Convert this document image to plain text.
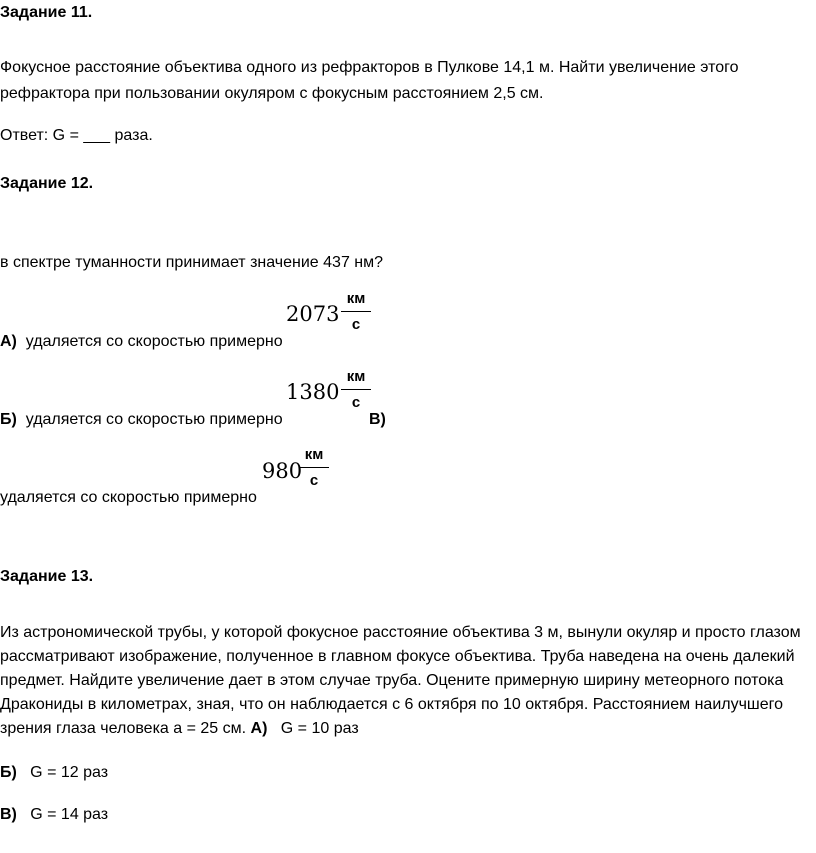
Задание 11.
Фокусное расстояние объектива одного из рефракторов в Пулкове 14,1 м. Найти увеличение этого
рефрактора при пользовании окуляром с фокусным расстоянием 2,5 см.
Ответ: G = ___ раза.
Задание 12.
в спектре туманности принимает значение 437 нм?
2073
км
с
А) удаляется со скоростью примерно
1380
км
с
Б) удаляется со скоростью примерно	В)
980
км
с
удаляется со скоростью примерно
Задание 13.
Из астрономической трубы, у которой фокусное расстояние объектива 3 м, вынули окуляр и просто глазом
рассматривают изображение, полученное в главном фокусе объектива. Труба наведена на очень далекий
предмет. Найдите увеличение дает в этом случае труба. Оцените примерную ширину метеорного потока
Дракониды в километрах, зная, что он наблюдается с 6 октября по 10 октября. Расстоянием наилучшего
зрения глаза человека a = 25 см. А) G = 10 раз
Б) G = 12 раз
В) G = 14 раз
